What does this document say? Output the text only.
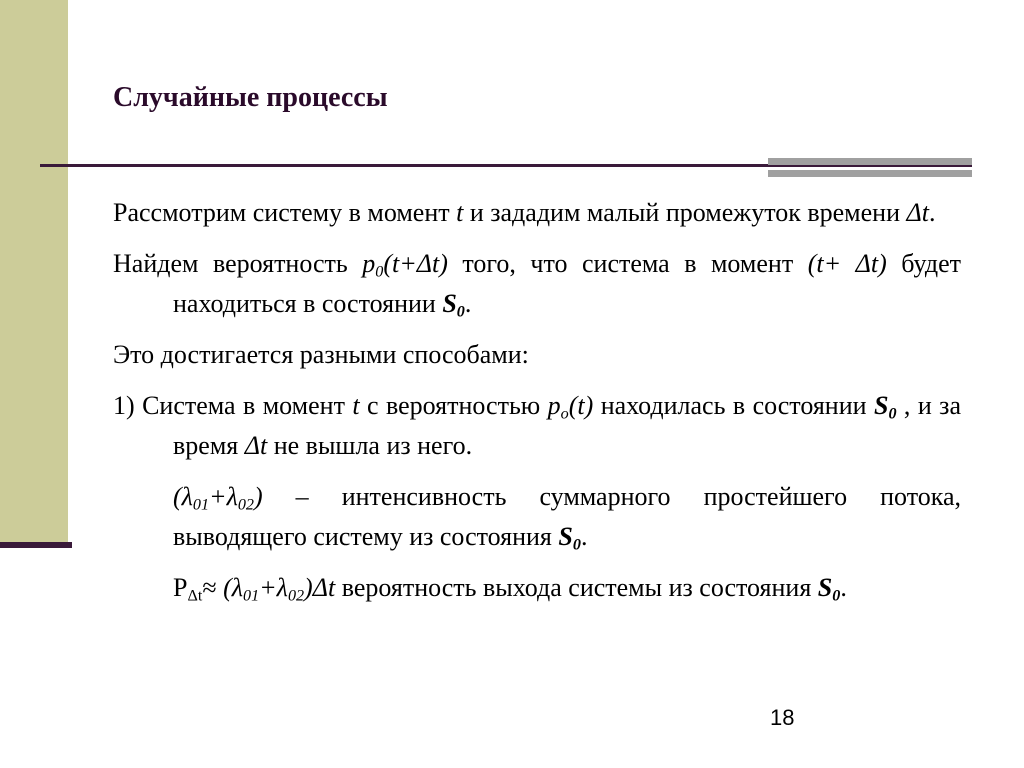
Случайные процессы

Рассмотрим систему в момент t и зададим малый промежуток времени Δt.

Найдем вероятность $p_0(t+\Delta t)$ того, что система в момент (t+ Δt) будет находиться в состоянии $S_0$.

Это достигается разными способами:

1) Система в момент t с вероятностью $p_o(t)$ находилась в состоянии $S_0$ , и за время Δt не вышла из него.

$(\lambda_{01}+\lambda_{02})$ – интенсивность суммарного простейшего потока, выводящего систему из состояния $S_0$.

$P_{\Delta t}\approx (\lambda_{01}+\lambda_{02})\Delta t$ вероятность выхода системы из состояния $S_0$.

18
